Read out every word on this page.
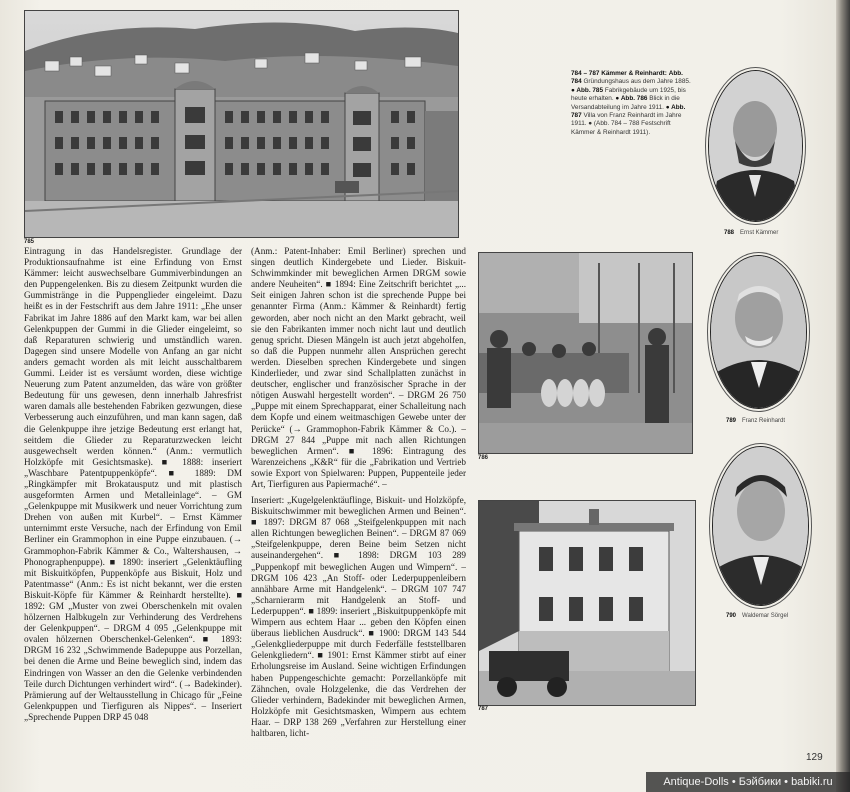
785

Eintragung in das Handelsregister. Grundlage der Produktionsaufnahme ist eine Erfindung von Ernst Kämmer: leicht auswechselbare Gummiverbindungen an den Puppengelenken. Bis zu diesem Zeitpunkt wurden die Gummistränge in die Puppenglieder eingeleimt. Dazu heißt es in der Festschrift aus dem Jahre 1911: „Ehe unser Fabrikat im Jahre 1886 auf den Markt kam, war bei allen Gelenkpuppen der Gummi in die Glieder eingeleimt, so daß Reparaturen schwierig und umständlich waren. Dagegen sind unsere Modelle von Anfang an gar nicht anders gemacht worden als mit leicht ausschaltbarem Gummi. Leider ist es versäumt worden, diese wichtige Neuerung zum Patent anzumelden, das wäre von größter Bedeutung für uns gewesen, denn innerhalb Jahresfrist waren damals alle bestehenden Fabriken gezwungen, diese Verbesserung auch einzuführen, und man kann sagen, daß die Gelenkpuppe ihre jetzige Bedeutung erst erlangt hat, seitdem die Glieder zu Reparaturzwecken leicht ausgewechselt werden können.“ (Anm.: vermutlich Holzköpfe mit Gesichtsmaske). ■ 1888: inseriert „Waschbare Patentpuppenköpfe“. ■ 1889: DM „Ringkämpfer mit Brokatausputz und mit plastisch ausgeformten Armen und Metalleinlage“. – GM „Gelenkpuppe mit Musikwerk und neuer Vorrichtung zum Drehen von außen mit Kurbel“. – Ernst Kämmer unternimmt erste Versuche, nach der Erfindung von Emil Berliner ein Grammophon in eine Puppe einzubauen. (→ Grammophon-Fabrik Kämmer & Co., Waltershausen, → Phonographenpuppe). ■ 1890: inseriert „Gelenktäufling mit Biskuitköpfen, Puppenköpfe aus Biskuit, Holz und Patentmasse“ (Anm.: Es ist nicht bekannt, wer die ersten Biskuit-Köpfe für Kämmer & Reinhardt herstellte). ■ 1892: GM „Muster von zwei Oberschenkeln mit ovalen hölzernen Halbkugeln zur Verhinderung des Verdrehens der Gelenkpuppen“. – DRGM 4 095 „Gelenkpuppe mit ovalen hölzernen Oberschenkel-Gelenken“. ■ 1893: DRGM 16 232 „Schwimmende Badepuppe aus Porzellan, bei denen die Arme und Beine beweglich sind, indem das Eindringen von Wasser an den die Gelenke verbindenden Teile durch Dichtungen verhindert wird“. (→ Badekinder). Prämierung auf der Weltausstellung in Chicago für „Feine Gelenkpuppen und Tierfiguren als Nippes“. – Inseriert „Sprechende Puppen DRP 45 048

(Anm.: Patent-Inhaber: Emil Berliner) sprechen und singen deutlich Kindergebete und Lieder. Biskuit-Schwimmkinder mit beweglichen Armen DRGM sowie andere Neuheiten“. ■ 1894: Eine Zeitschrift berichtet „... Seit einigen Jahren schon ist die sprechende Puppe bei genannter Firma (Anm.: Kämmer & Reinhardt) fertig geworden, aber noch nicht an den Markt gebracht, weil sie den Fabrikanten immer noch nicht laut und deutlich genug spricht. Diesen Mängeln ist auch jetzt abgeholfen, so daß die Puppen nunmehr allen Ansprüchen gerecht werden. Dieselben sprechen Kindergebete und singen Kinderlieder, und zwar sind Schallplatten zunächst in deutscher, englischer und französischer Sprache in der nötigen Auswahl hergestellt worden“. – DRGM 26 750 „Puppe mit einem Sprechapparat, einer Schalleitung nach dem Kopfe und einem weitmaschigen Gewebe unter der Perücke“ (→ Grammophon-Fabrik Kämmer & Co.). – DRGM 27 844 „Puppe mit nach allen Richtungen beweglichen Armen“. ■ 1896: Eintragung des Warenzeichens „K&R“ für die „Fabrikation und Vertrieb sowie Export von Spielwaren: Puppen, Puppenteile jeder Art, Tierfiguren aus Papiermaché“. –

Inseriert: „Kugelgelenktäuflinge, Biskuit- und Holzköpfe, Biskuitschwimmer mit beweglichen Armen und Beinen“. ■ 1897: DRGM 87 068 „Steifgelenkpuppen mit nach allen Richtungen beweglichen Beinen“. – DRGM 87 069 „Steifgelenkpuppe, deren Beine beim Setzen nicht auseinandergehen“. ■ 1898: DRGM 103 289 „Puppenkopf mit beweglichen Augen und Wimpern“. – DRGM 106 423 „An Stoff- oder Lederpuppenleibern annähbare Arme mit Handgelenk“. – DRGM 107 747 „Scharnierarm mit Handgelenk an Stoff- und Lederpuppen“. ■ 1899: inseriert „Biskuitpuppenköpfe mit Wimpern aus echtem Haar ... geben den Köpfen einen überaus lieblichen Ausdruck“. ■ 1900: DRGM 143 544 „Gelenkgliederpuppe mit durch Federfälle feststellbaren Gelenkgliedern“. ■ 1901: Ernst Kämmer stirbt auf einer Erholungsreise im Ausland. Seine wichtigen Erfindungen haben Puppengeschichte gemacht: Porzellanköpfe mit Zähnchen, ovale Holzgelenke, die das Verdrehen der Glieder verhindern, Badekinder mit beweglichen Armen, Holzköpfe mit Gesichtsmasken, Wimpern aus echtem Haar. – DRP 138 269 „Verfahren zur Herstellung einer haltbaren, licht-

786
787
784 – 787 Kämmer & Reinhardt: Abb. 784 Gründungshaus aus dem Jahre 1885. ● Abb. 785 Fabrikgebäude um 1925, bis heute erhalten. ● Abb. 786 Blick in die Versandabteilung im Jahre 1911. ● Abb. 787 Villa von Franz Reinhardt im Jahre 1911. ● (Abb. 784 – 788 Festschrift Kämmer & Reinhardt 1911).
788 Ernst Kämmer
789 Franz Reinhardt
790 Waldemar Sörgel
129
Antique-Dolls • Бэйбики • babiki.ru
